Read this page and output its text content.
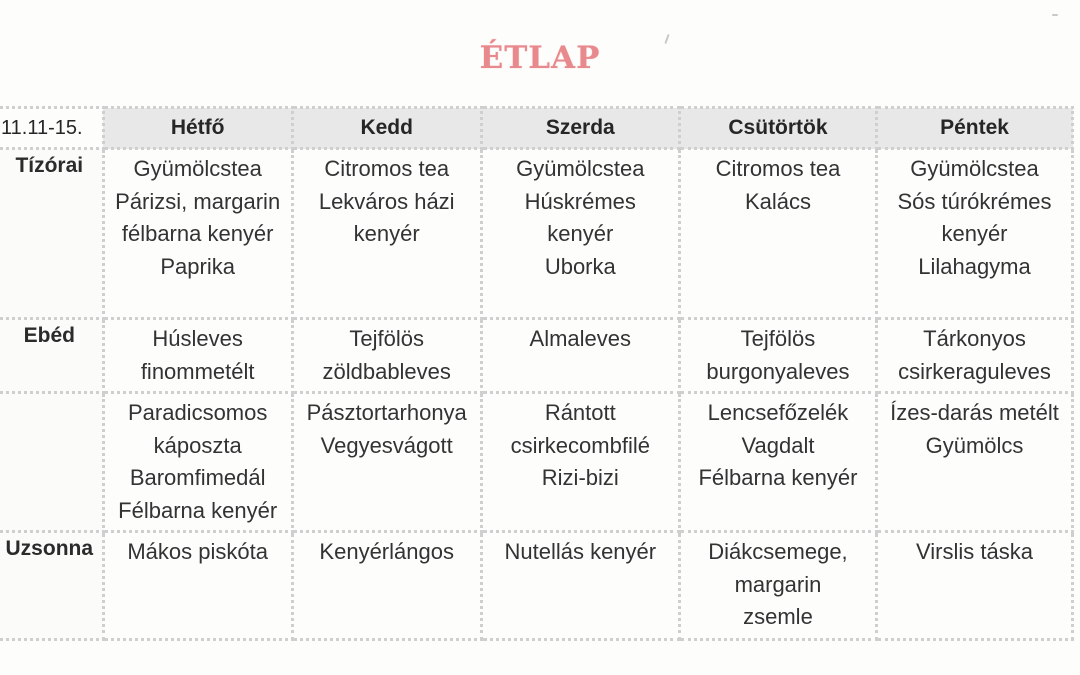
ÉTLAP
11.11-15.	Hétfő	Kedd	Szerda	Csütörtök	Péntek

Tízórai	Gyümölcstea
Párizsi, margarin
félbarna kenyér
Paprika	Citromos tea
Lekváros házi
kenyér	Gyümölcstea
Húskrémes
kenyér
Uborka	Citromos tea
Kalács	Gyümölcstea
Sós túrókrémes
kenyér
Lilahagyma

Ebéd	Húsleves
finommetélt	Tejfölös
zöldbableves	Almaleves	Tejfölös
burgonyaleves	Tárkonyos
csirkeraguleves

	Paradicsomos
káposzta
Baromfimedál
Félbarna kenyér	Pásztortarhonya
Vegyesvágott	Rántott
csirkecombfilé
Rizi-bizi	Lencsefőzelék
Vagdalt
Félbarna kenyér	Ízes-darás metélt
Gyümölcs

Uzsonna	Mákos piskóta	Kenyérlángos	Nutellás kenyér	Diákcsemege,
margarin
zsemle	Virslis táska
